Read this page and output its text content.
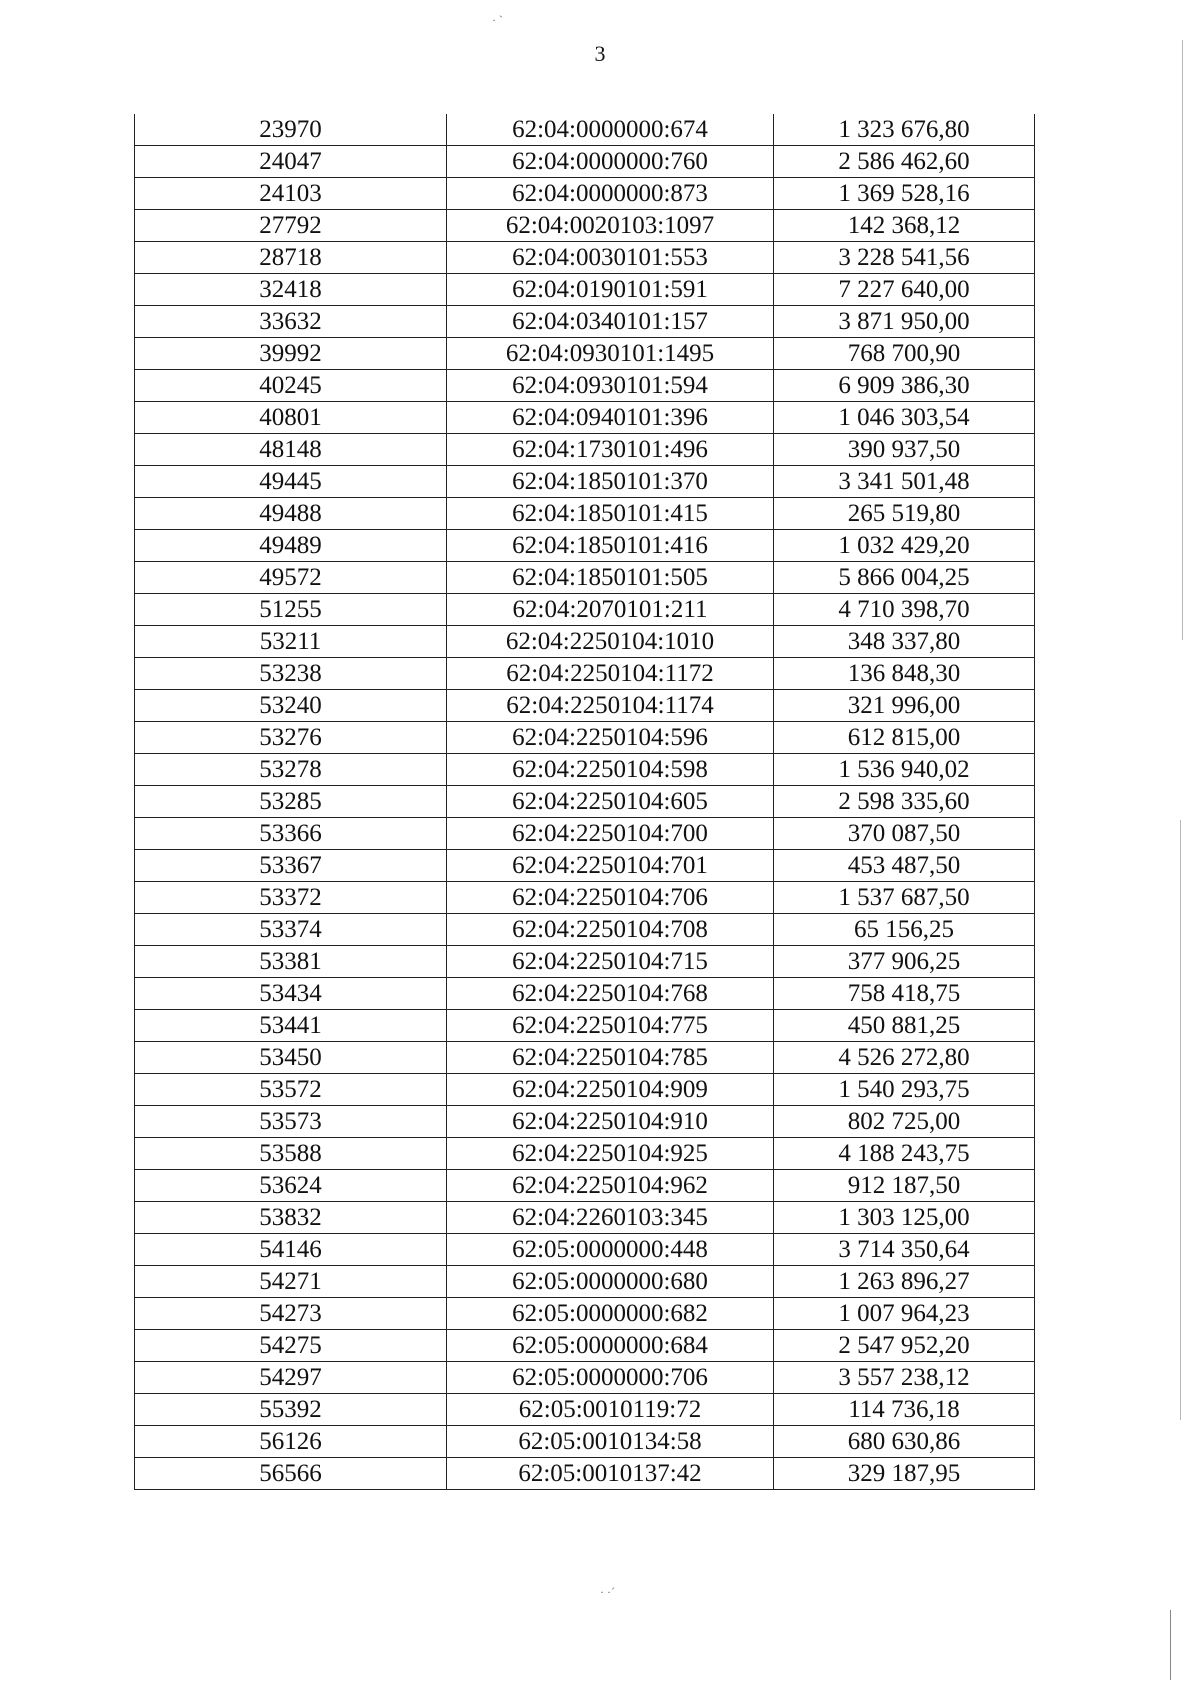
3
· ˋ
· ·ˊ
23970	62:04:0000000:674	1 323 676,80
24047	62:04:0000000:760	2 586 462,60
24103	62:04:0000000:873	1 369 528,16
27792	62:04:0020103:1097	142 368,12
28718	62:04:0030101:553	3 228 541,56
32418	62:04:0190101:591	7 227 640,00
33632	62:04:0340101:157	3 871 950,00
39992	62:04:0930101:1495	768 700,90
40245	62:04:0930101:594	6 909 386,30
40801	62:04:0940101:396	1 046 303,54
48148	62:04:1730101:496	390 937,50
49445	62:04:1850101:370	3 341 501,48
49488	62:04:1850101:415	265 519,80
49489	62:04:1850101:416	1 032 429,20
49572	62:04:1850101:505	5 866 004,25
51255	62:04:2070101:211	4 710 398,70
53211	62:04:2250104:1010	348 337,80
53238	62:04:2250104:1172	136 848,30
53240	62:04:2250104:1174	321 996,00
53276	62:04:2250104:596	612 815,00
53278	62:04:2250104:598	1 536 940,02
53285	62:04:2250104:605	2 598 335,60
53366	62:04:2250104:700	370 087,50
53367	62:04:2250104:701	453 487,50
53372	62:04:2250104:706	1 537 687,50
53374	62:04:2250104:708	65 156,25
53381	62:04:2250104:715	377 906,25
53434	62:04:2250104:768	758 418,75
53441	62:04:2250104:775	450 881,25
53450	62:04:2250104:785	4 526 272,80
53572	62:04:2250104:909	1 540 293,75
53573	62:04:2250104:910	802 725,00
53588	62:04:2250104:925	4 188 243,75
53624	62:04:2250104:962	912 187,50
53832	62:04:2260103:345	1 303 125,00
54146	62:05:0000000:448	3 714 350,64
54271	62:05:0000000:680	1 263 896,27
54273	62:05:0000000:682	1 007 964,23
54275	62:05:0000000:684	2 547 952,20
54297	62:05:0000000:706	3 557 238,12
55392	62:05:0010119:72	114 736,18
56126	62:05:0010134:58	680 630,86
56566	62:05:0010137:42	329 187,95
